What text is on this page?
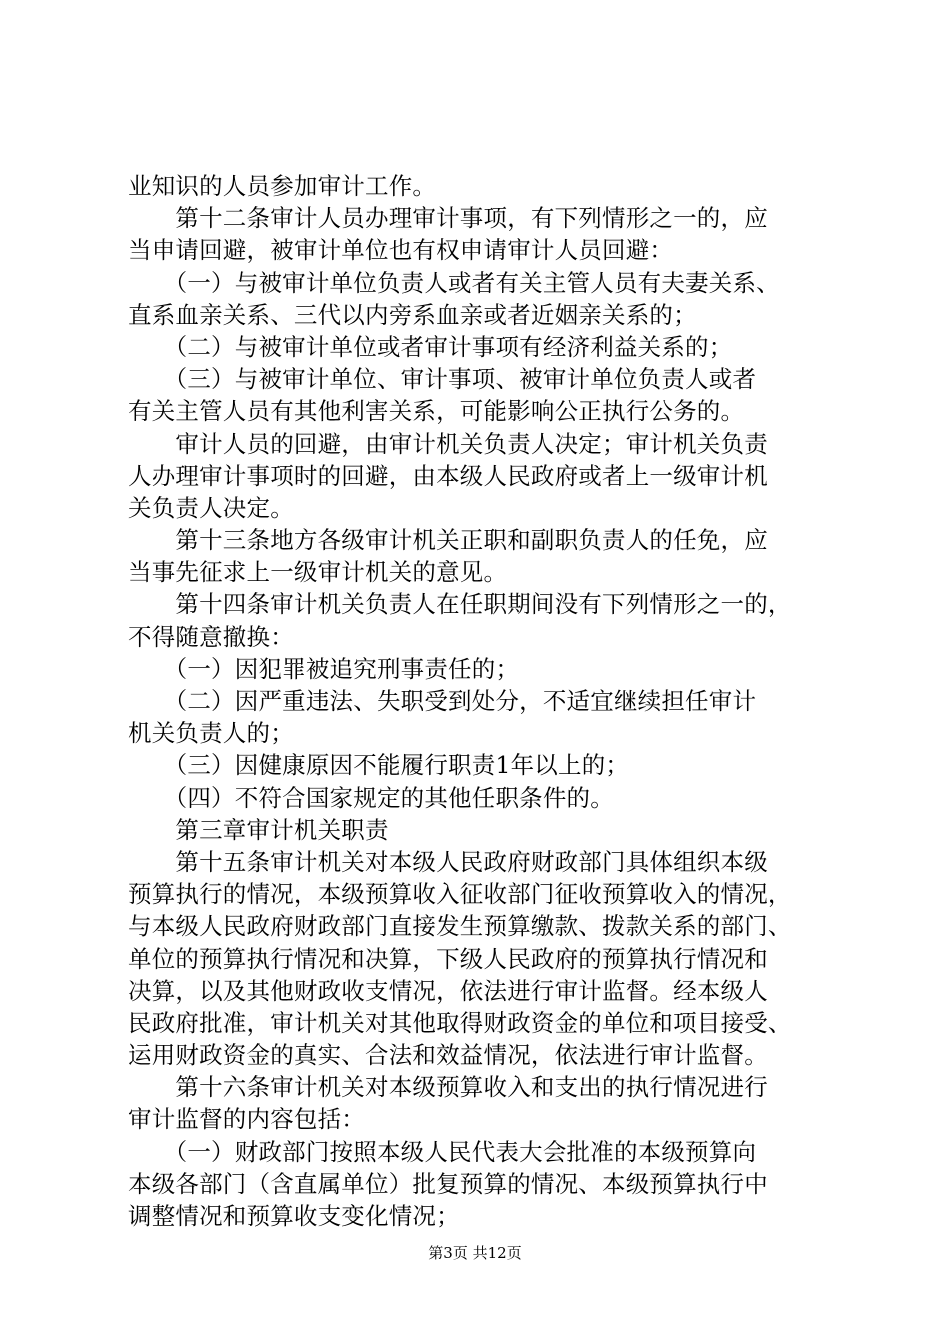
业知识的人员参加审计工作。
　　第十二条审计人员办理审计事项，有下列情形之一的，应
当申请回避，被审计单位也有权申请审计人员回避：
　　（一）与被审计单位负责人或者有关主管人员有夫妻关系、
直系血亲关系、三代以内旁系血亲或者近姻亲关系的；
　　（二）与被审计单位或者审计事项有经济利益关系的；
　　（三）与被审计单位、审计事项、被审计单位负责人或者
有关主管人员有其他利害关系，可能影响公正执行公务的。
　　审计人员的回避，由审计机关负责人决定；审计机关负责
人办理审计事项时的回避，由本级人民政府或者上一级审计机
关负责人决定。
　　第十三条地方各级审计机关正职和副职负责人的任免，应
当事先征求上一级审计机关的意见。
　　第十四条审计机关负责人在任职期间没有下列情形之一的，
不得随意撤换：
　　（一）因犯罪被追究刑事责任的；
　　（二）因严重违法、失职受到处分，不适宜继续担任审计
机关负责人的；
　　（三）因健康原因不能履行职责1年以上的；
　　（四）不符合国家规定的其他任职条件的。
　　第三章审计机关职责
　　第十五条审计机关对本级人民政府财政部门具体组织本级
预算执行的情况，本级预算收入征收部门征收预算收入的情况，
与本级人民政府财政部门直接发生预算缴款、拨款关系的部门、
单位的预算执行情况和决算，下级人民政府的预算执行情况和
决算，以及其他财政收支情况，依法进行审计监督。经本级人
民政府批准，审计机关对其他取得财政资金的单位和项目接受、
运用财政资金的真实、合法和效益情况，依法进行审计监督。
　　第十六条审计机关对本级预算收入和支出的执行情况进行
审计监督的内容包括：
　　（一）财政部门按照本级人民代表大会批准的本级预算向
本级各部门（含直属单位）批复预算的情况、本级预算执行中
调整情况和预算收支变化情况；
第3页 共12页
